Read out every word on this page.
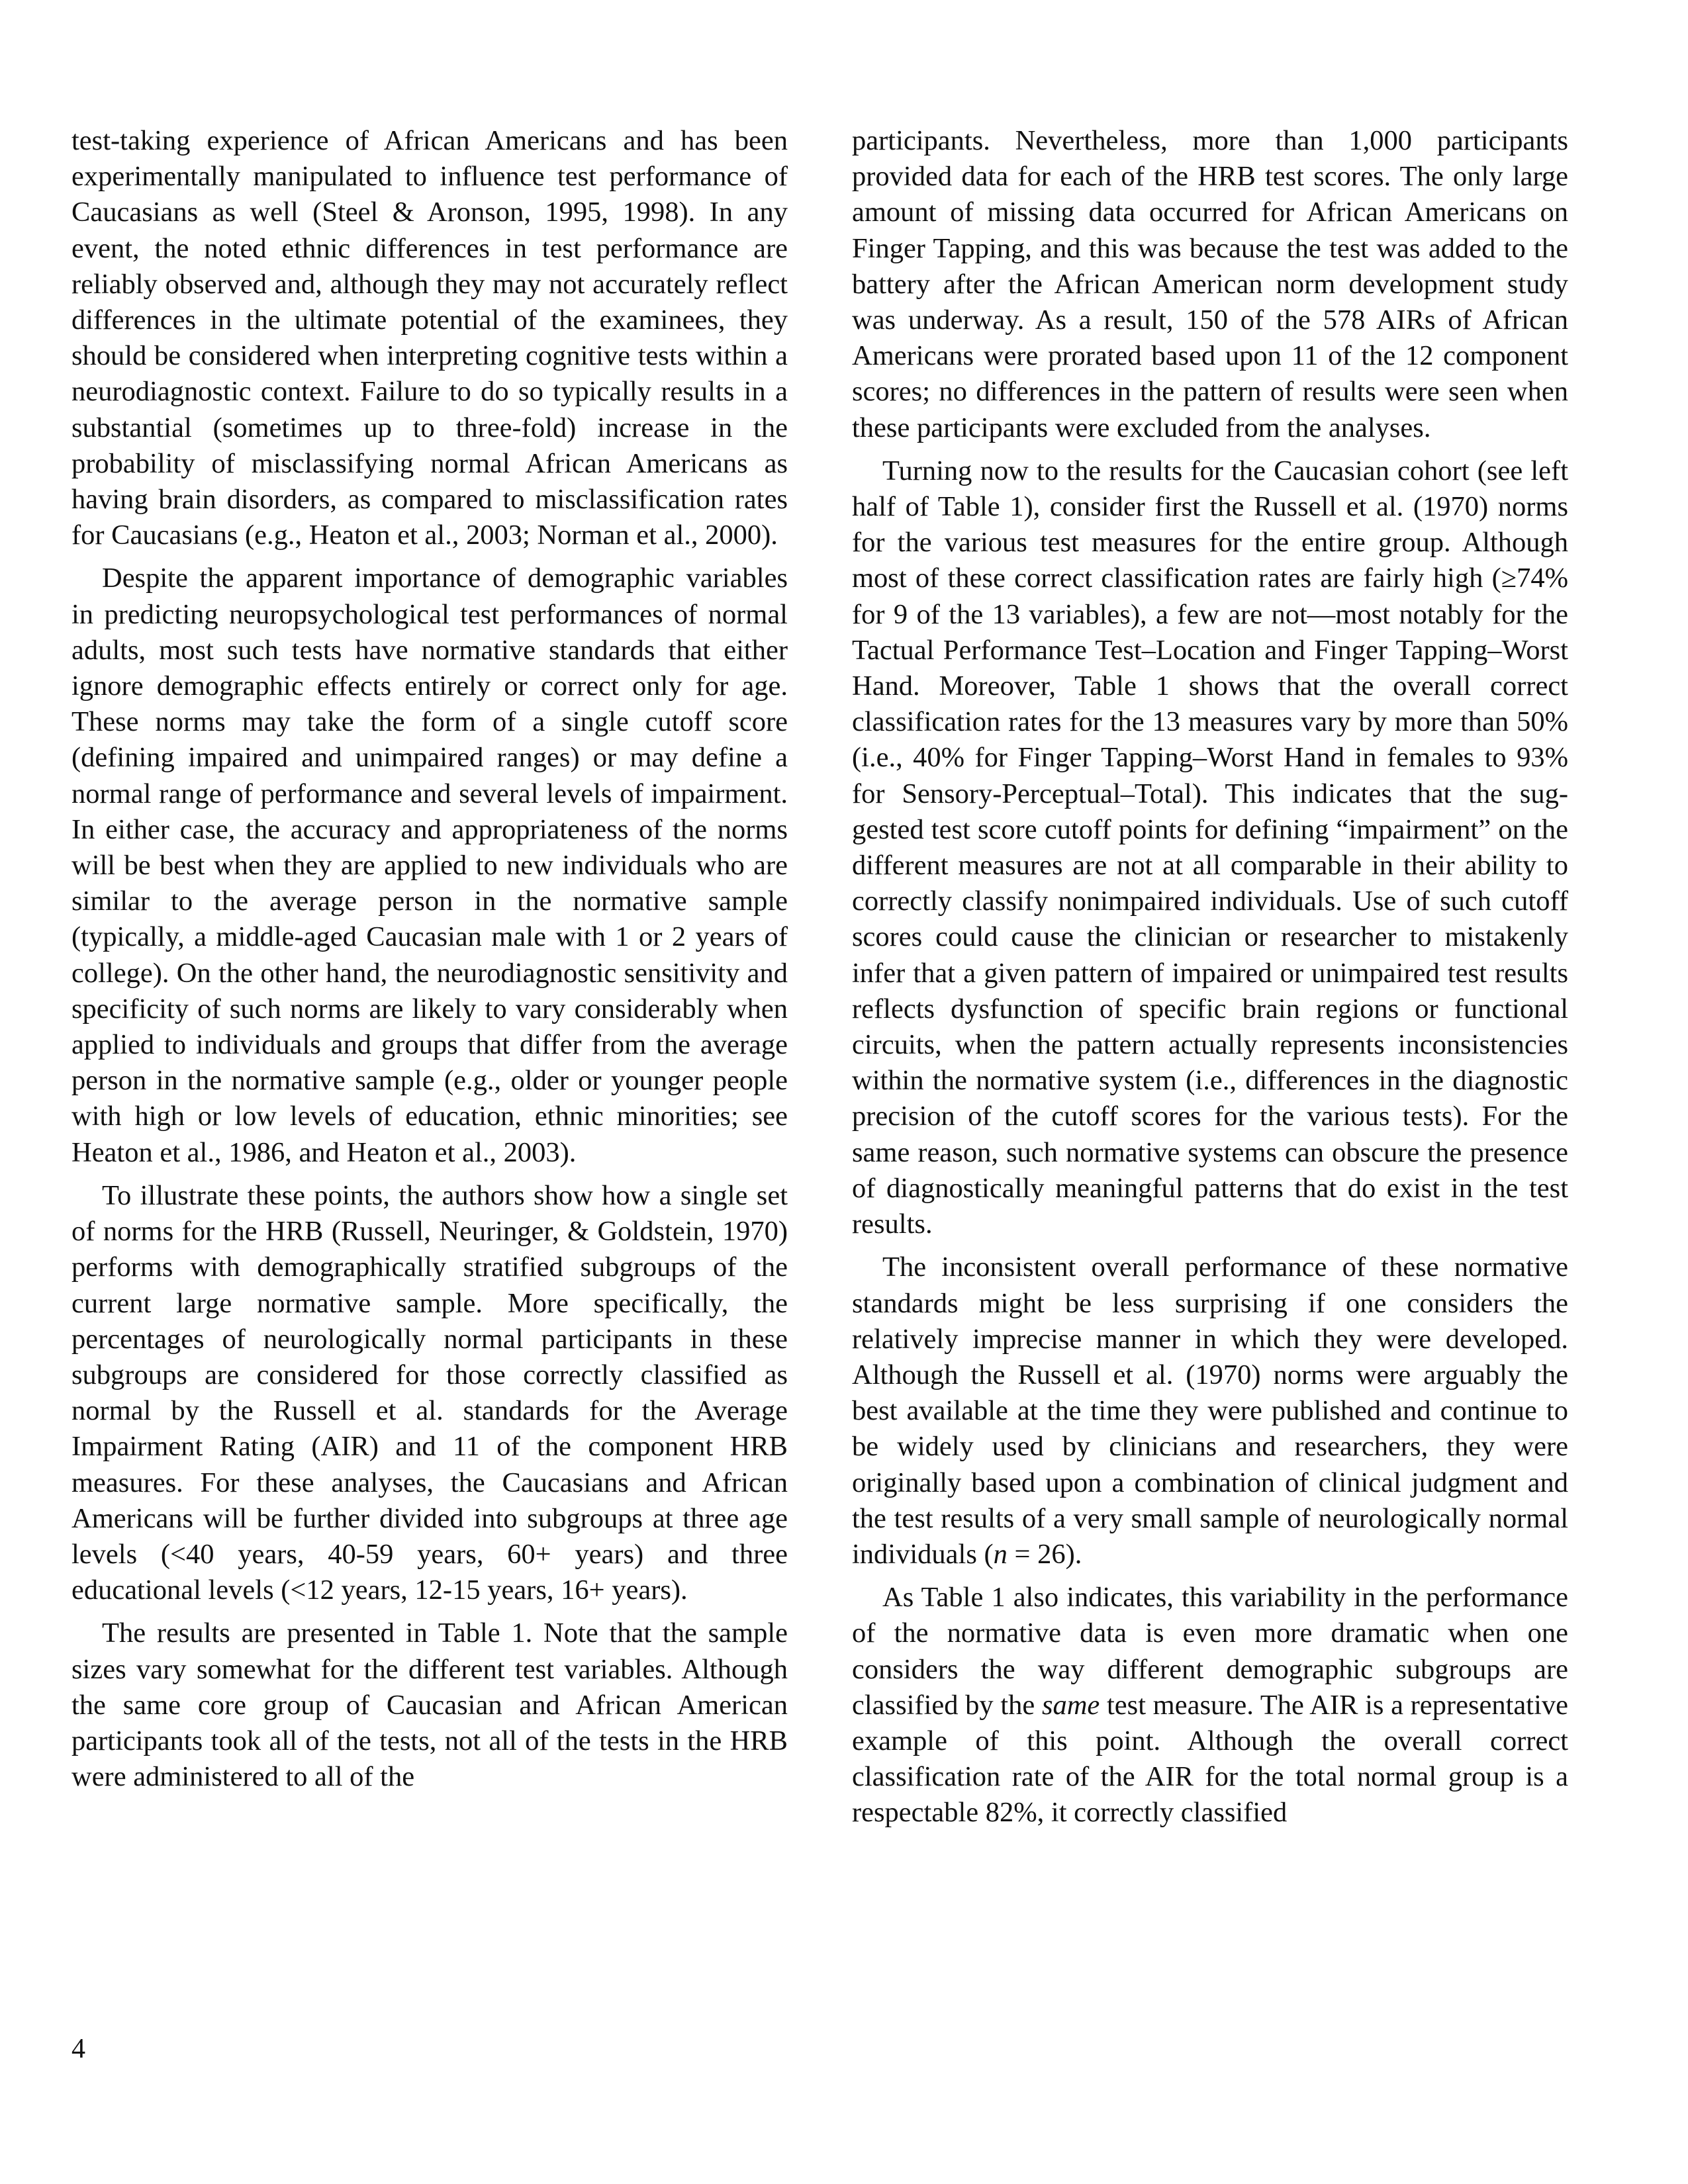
test-taking experience of African Americans and has been experimentally manipulated to influence test performance of Caucasians as well (Steel & Aronson, 1995, 1998). In any event, the noted ethnic differences in test performance are reliably observed and, although they may not accurately reflect differences in the ultimate potential of the examinees, they should be considered when interpreting cognitive tests within a neurodiagnostic context. Failure to do so typically results in a substantial (sometimes up to three-fold) increase in the probability of misclassifying normal African Americans as having brain disorders, as compared to misclassification rates for Caucasians (e.g., Heaton et al., 2003; Norman et al., 2000).

Despite the apparent importance of demographic variables in predicting neuropsychological test performances of normal adults, most such tests have normative standards that either ignore demographic effects entirely or correct only for age. These norms may take the form of a single cutoff score (defining impaired and unimpaired ranges) or may define a normal range of performance and several levels of impairment. In either case, the accuracy and appropriateness of the norms will be best when they are applied to new individuals who are similar to the average person in the normative sample (typically, a middle-aged Caucasian male with 1 or 2 years of college). On the other hand, the neurodiagnostic sensitivity and specificity of such norms are likely to vary considerably when applied to individuals and groups that differ from the average person in the normative sample (e.g., older or younger people with high or low levels of education, ethnic minorities; see Heaton et al., 1986, and Heaton et al., 2003).

To illustrate these points, the authors show how a single set of norms for the HRB (Russell, Neuringer, & Goldstein, 1970) performs with demographically stratified subgroups of the current large normative sample. More specifically, the percentages of neurologically normal participants in these subgroups are considered for those correctly classified as normal by the Russell et al. standards for the Average Impairment Rating (AIR) and 11 of the component HRB measures. For these analyses, the Caucasians and African Americans will be further divided into subgroups at three age levels (<40 years, 40-59 years, 60+ years) and three educational levels (<12 years, 12-15 years, 16+ years).

The results are presented in Table 1. Note that the sample sizes vary somewhat for the different test variables. Although the same core group of Caucasian and African American participants took all of the tests, not all of the tests in the HRB were administered to all of the

participants. Nevertheless, more than 1,000 participants provided data for each of the HRB test scores. The only large amount of missing data occurred for African Americans on Finger Tapping, and this was because the test was added to the battery after the African American norm development study was underway. As a result, 150 of the 578 AIRs of African Americans were prorated based upon 11 of the 12 component scores; no differences in the pattern of results were seen when these participants were excluded from the analyses.

Turning now to the results for the Caucasian cohort (see left half of Table 1), consider first the Russell et al. (1970) norms for the various test measures for the entire group. Although most of these correct classification rates are fairly high (≥74% for 9 of the 13 variables), a few are not—most notably for the Tactual Performance Test–Location and Finger Tapping–Worst Hand. Moreover, Table 1 shows that the overall correct classification rates for the 13 measures vary by more than 50% (i.e., 40% for Finger Tapping–Worst Hand in females to 93% for Sensory-Perceptual–Total). This indicates that the suggested test score cutoff points for defining “impairment” on the different measures are not at all comparable in their ability to correctly classify nonimpaired individuals. Use of such cutoff scores could cause the clinician or researcher to mistakenly infer that a given pattern of impaired or unimpaired test results reflects dysfunction of specific brain regions or functional circuits, when the pattern actually represents inconsistencies within the normative system (i.e., differences in the diagnostic precision of the cutoff scores for the various tests). For the same reason, such normative systems can obscure the presence of diagnostically meaningful patterns that do exist in the test results.

The inconsistent overall performance of these normative standards might be less surprising if one considers the relatively imprecise manner in which they were developed. Although the Russell et al. (1970) norms were arguably the best available at the time they were published and continue to be widely used by clinicians and researchers, they were originally based upon a combination of clinical judgment and the test results of a very small sample of neurologically normal individuals (n = 26).

As Table 1 also indicates, this variability in the performance of the normative data is even more dramatic when one considers the way different demographic subgroups are classified by the same test measure. The AIR is a representative example of this point. Although the overall correct classification rate of the AIR for the total normal group is a respectable 82%, it correctly classified

4
